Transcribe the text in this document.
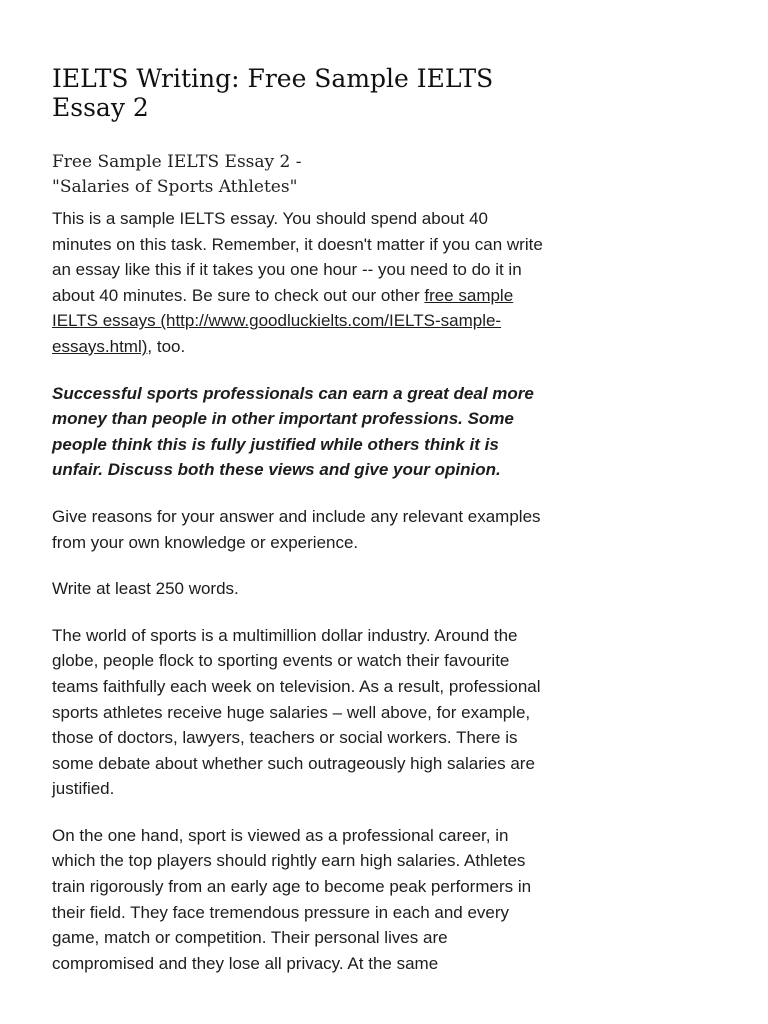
IELTS Writing: Free Sample IELTS Essay 2
Free Sample IELTS Essay 2 -
"Salaries of Sports Athletes"

This is a sample IELTS essay. You should spend about 40 minutes on this task. Remember, it doesn't matter if you can write an essay like this if it takes you one hour -- you need to do it in about 40 minutes. Be sure to check out our other free sample IELTS essays (http://www.goodluckielts.com/IELTS-sample-essays.html), too.

Successful sports professionals can earn a great deal more money than people in other important professions. Some people think this is fully justified while others think it is unfair. Discuss both these views and give your opinion.

Give reasons for your answer and include any relevant examples from your own knowledge or experience.

Write at least 250 words.

The world of sports is a multimillion dollar industry. Around the globe, people flock to sporting events or watch their favourite teams faithfully each week on television. As a result, professional sports athletes receive huge salaries – well above, for example, those of doctors, lawyers, teachers or social workers. There is some debate about whether such outrageously high salaries are justified.

On the one hand, sport is viewed as a professional career, in which the top players should rightly earn high salaries. Athletes train rigorously from an early age to become peak performers in their field. They face tremendous pressure in each and every game, match or competition. Their personal lives are compromised and they lose all privacy. At the same
